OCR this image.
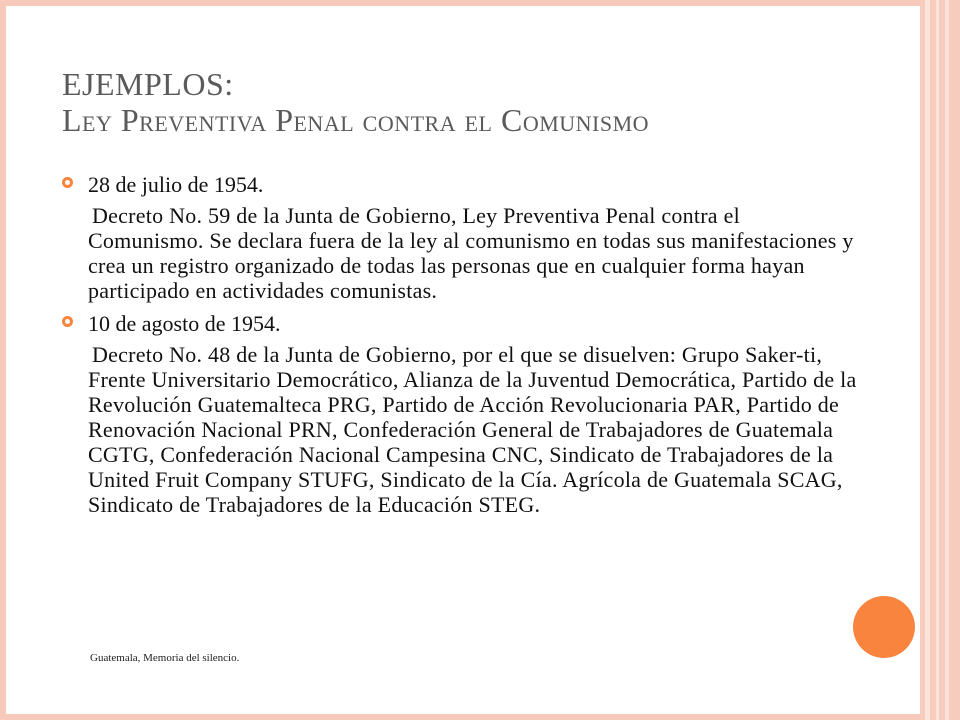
EJEMPLOS:
Ley Preventiva Penal contra el Comunismo
28 de julio de 1954.
Decreto No. 59 de la Junta de Gobierno, Ley Preventiva Penal contra el Comunismo. Se declara fuera de la ley al comunismo en todas sus manifestaciones y crea un registro organizado de todas las personas que en cualquier forma hayan participado en actividades comunistas.
10 de agosto de 1954.
Decreto No. 48 de la Junta de Gobierno, por el que se disuelven: Grupo Saker-ti, Frente Universitario Democrático, Alianza de la Juventud Democrática, Partido de la Revolución Guatemalteca PRG, Partido de Acción Revolucionaria PAR, Partido de Renovación Nacional PRN, Confederación General de Trabajadores de Guatemala CGTG, Confederación Nacional Campesina CNC, Sindicato de Trabajadores de la United Fruit Company STUFG, Sindicato de la Cía. Agrícola de Guatemala SCAG, Sindicato de Trabajadores de la Educación STEG.
Guatemala, Memoria del silencio.
